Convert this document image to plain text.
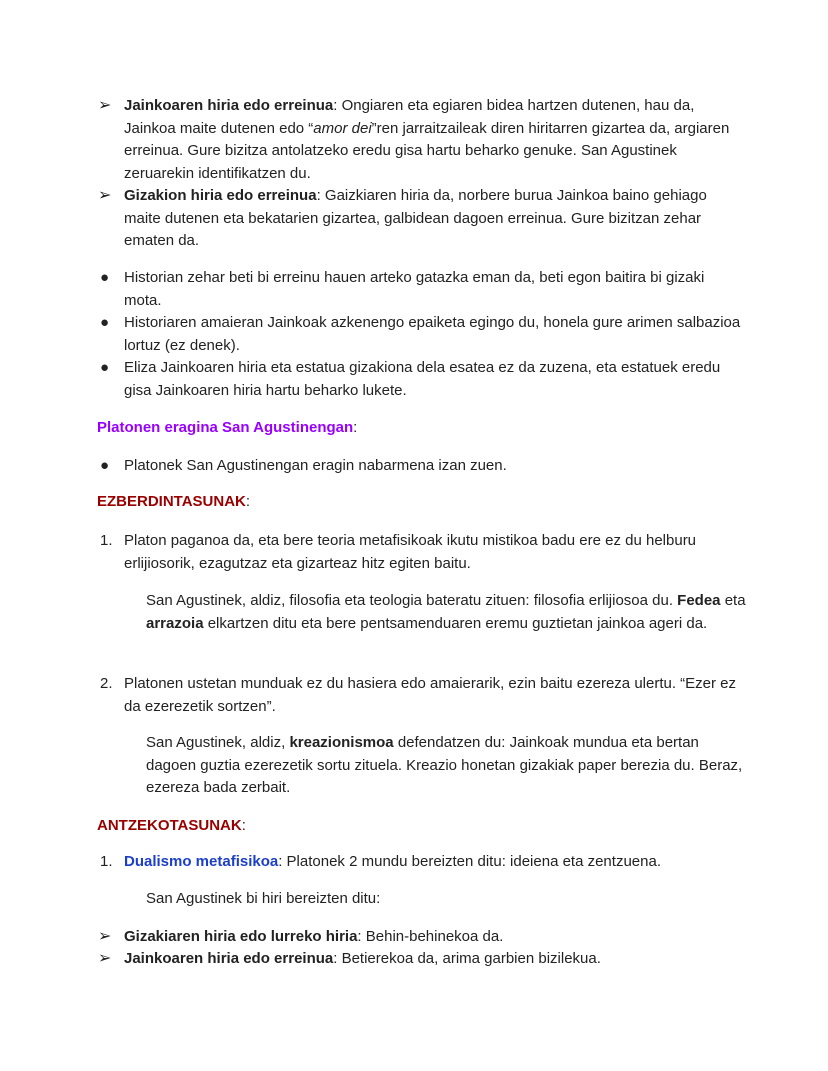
➢ Jainkoaren hiria edo erreinua: Ongiaren eta egiaren bidea hartzen dutenen, hau da, Jainkoa maite dutenen edo “amor dei”ren jarraitzaileak diren hiritarren gizartea da, argiaren erreinua. Gure bizitza antolatzeko eredu gisa hartu beharko genuke. San Agustinek zeruarekin identifikatzen du.
➢ Gizakion hiria edo erreinua: Gaizkiaren hiria da, norbere burua Jainkoa baino gehiago maite dutenen eta bekatarien gizartea, galbidean dagoen erreinua. Gure bizitzan zehar ematen da.
● Historian zehar beti bi erreinu hauen arteko gatazka eman da, beti egon baitira bi gizaki mota.
● Historiaren amaieran Jainkoak azkenengo epaiketa egingo du, honela gure arimen salbazioa lortuz (ez denek).
● Eliza Jainkoaren hiria eta estatua gizakiona dela esatea ez da zuzena, eta estatuek eredu gisa Jainkoaren hiria hartu beharko lukete.
Platonen eragina San Agustinengan:
● Platonek San Agustinengan eragin nabarmena izan zuen.
EZBERDINTASUNAK:
1. Platon paganoa da, eta bere teoria metafisikoak ikutu mistikoa badu ere ez du helburu erlijiosorik, ezagutzaz eta gizarteaz hitz egiten baitu.
San Agustinek, aldiz, filosofia eta teologia bateratu zituen: filosofia erlijiosoa du. Fedea eta arrazoia elkartzen ditu eta bere pentsamenduaren eremu guztietan jainkoa ageri da.
2. Platonen ustetan munduak ez du hasiera edo amaierarik, ezin baitu ezereza ulertu. “Ezer ez da ezerezetik sortzen”.
San Agustinek, aldiz, kreazionismoa defendatzen du: Jainkoak mundua eta bertan dagoen guztia ezerezetik sortu zituela. Kreazio honetan gizakiak paper berezia du. Beraz, ezereza bada zerbait.
ANTZEKOTASUNAK:
1. Dualismo metafisikoa: Platonek 2 mundu bereizten ditu: ideiena eta zentzuena.
San Agustinek bi hiri bereizten ditu:
➢ Gizakiaren hiria edo lurreko hiria: Behin-behinekoa da.
➢ Jainkoaren hiria edo erreinua: Betierekoa da, arima garbien bizilekua.
